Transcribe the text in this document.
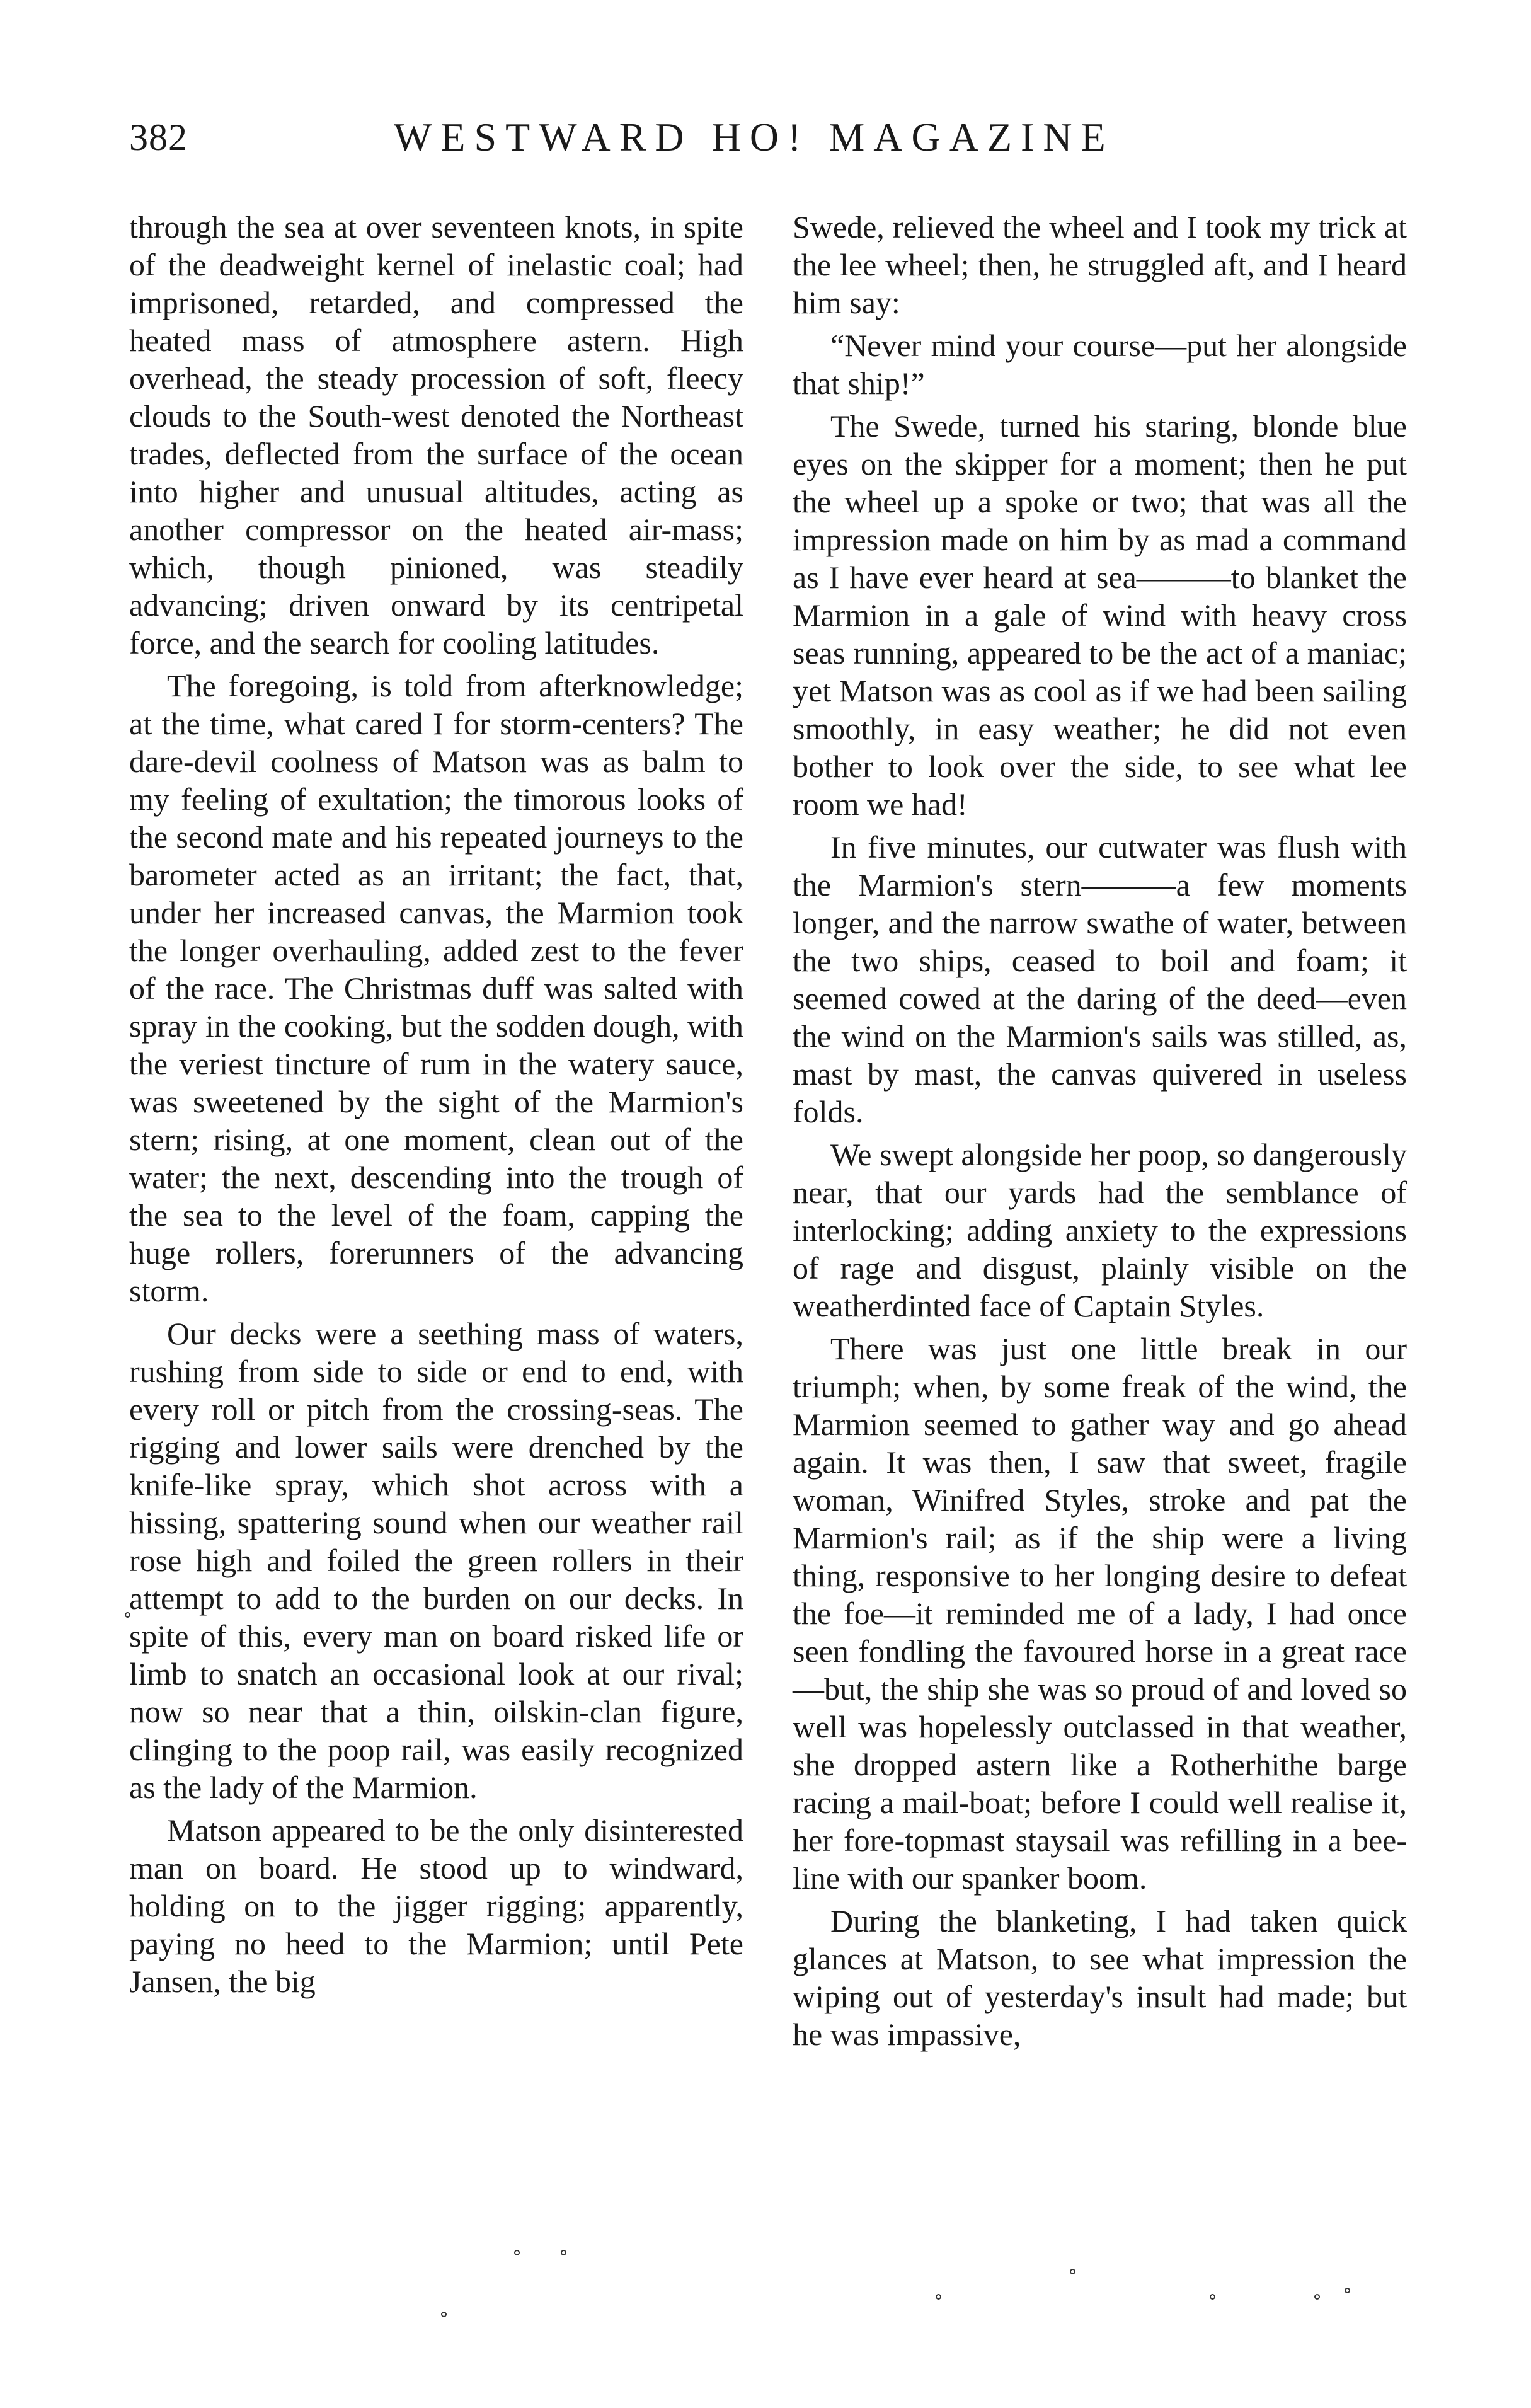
382	WESTWARD HO! MAGAZINE

through the sea at over seventeen knots, in spite of the deadweight kernel of inelastic coal; had imprisoned, retarded, and compressed the heated mass of atmosphere astern. High overhead, the steady procession of soft, fleecy clouds to the South-west denoted the Northeast trades, deflected from the surface of the ocean into higher and unusual altitudes, acting as another compressor on the heated air-mass; which, though pinioned, was steadily advancing; driven onward by its centripetal force, and the search for cooling latitudes.

The foregoing, is told from afterknowledge; at the time, what cared I for storm-centers? The dare-devil coolness of Matson was as balm to my feeling of exultation; the timorous looks of the second mate and his repeated journeys to the barometer acted as an irritant; the fact, that, under her increased canvas, the Marmion took the longer overhauling, added zest to the fever of the race. The Christmas duff was salted with spray in the cooking, but the sodden dough, with the veriest tincture of rum in the watery sauce, was sweetened by the sight of the Marmion's stern; rising, at one moment, clean out of the water; the next, descending into the trough of the sea to the level of the foam, capping the huge rollers, forerunners of the advancing storm.

Our decks were a seething mass of waters, rushing from side to side or end to end, with every roll or pitch from the crossing-seas. The rigging and lower sails were drenched by the knife-like spray, which shot across with a hissing, spattering sound when our weather rail rose high and foiled the green rollers in their attempt to add to the burden on our decks. In spite of this, every man on board risked life or limb to snatch an occasional look at our rival; now so near that a thin, oilskin-clan figure, clinging to the poop rail, was easily recognized as the lady of the Marmion.

Matson appeared to be the only disinterested man on board. He stood up to windward, holding on to the jigger rigging; apparently, paying no heed to the Marmion; until Pete Jansen, the big

Swede, relieved the wheel and I took my trick at the lee wheel; then, he struggled aft, and I heard him say:

“Never mind your course—put her alongside that ship!”

The Swede, turned his staring, blonde blue eyes on the skipper for a moment; then he put the wheel up a spoke or two; that was all the impression made on him by as mad a command as I have ever heard at sea———to blanket the Marmion in a gale of wind with heavy cross seas running, appeared to be the act of a maniac; yet Matson was as cool as if we had been sailing smoothly, in easy weather; he did not even bother to look over the side, to see what lee room we had!

In five minutes, our cutwater was flush with the Marmion's stern———a few moments longer, and the narrow swathe of water, between the two ships, ceased to boil and foam; it seemed cowed at the daring of the deed—even the wind on the Marmion's sails was stilled, as, mast by mast, the canvas quivered in useless folds.

We swept alongside her poop, so dangerously near, that our yards had the semblance of interlocking; adding anxiety to the expressions of rage and disgust, plainly visible on the weatherdinted face of Captain Styles.

There was just one little break in our triumph; when, by some freak of the wind, the Marmion seemed to gather way and go ahead again. It was then, I saw that sweet, fragile woman, Winifred Styles, stroke and pat the Marmion's rail; as if the ship were a living thing, responsive to her longing desire to defeat the foe—it reminded me of a lady, I had once seen fondling the favoured horse in a great race—but, the ship she was so proud of and loved so well was hopelessly outclassed in that weather, she dropped astern like a Rotherhithe barge racing a mail-boat; before I could well realise it, her fore-topmast staysail was refilling in a bee-line with our spanker boom.

During the blanketing, I had taken quick glances at Matson, to see what impression the wiping out of yesterday's insult had made; but he was impassive,
